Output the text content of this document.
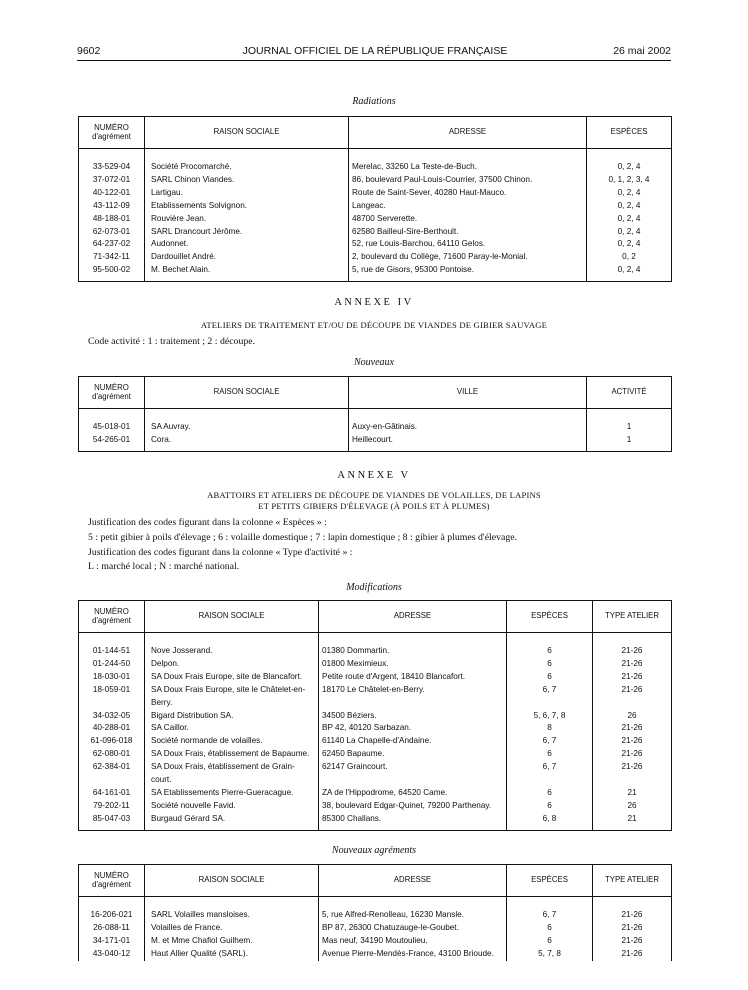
9602	JOURNAL OFFICIEL DE LA RÉPUBLIQUE FRANÇAISE	26 mai 2002
Radiations
NUMÉRO
d'agrément	RAISON SOCIALE	ADRESSE	ESPÈCES

33-529-04	Société Procomarché.	Merelac, 33260 La Teste-de-Buch.	0, 2, 4
37-072-01	SARL Chinon Viandes.	86, boulevard Paul-Louis-Courrier, 37500 Chinon.	0, 1, 2, 3, 4
40-122-01	Lartigau.	Route de Saint-Sever, 40280 Haut-Mauco.	0, 2, 4
43-112-09	Etablissements Solvignon.	Langeac.	0, 2, 4
48-188-01	Rouvière Jean.	48700 Serverette.	0, 2, 4
62-073-01	SARL Drancourt Jérôme.	62580 Bailleul-Sire-Berthoult.	0, 2, 4
64-237-02	Audonnet.	52, rue Louis-Barchou, 64110 Gelos.	0, 2, 4
71-342-11	Dardouillet André.	2, boulevard du Collège, 71600 Paray-le-Monial.	0, 2
95-500-02	M. Bechet Alain.	5, rue de Gisors, 95300 Pontoise.	0, 2, 4

ANNEXE IV
ATELIERS DE TRAITEMENT ET/OU DE DÉCOUPE DE VIANDES DE GIBIER SAUVAGE
Code activité : 1 : traitement ; 2 : découpe.
Nouveaux
NUMÉRO
d'agrément	RAISON SOCIALE	VILLE	ACTIVITÉ

45-018-01	SA Auvray.	Auxy-en-Gâtinais.	1
54-265-01	Cora.	Heillecourt.	1

ANNEXE V
ABATTOIRS ET ATELIERS DE DÉCOUPE DE VIANDES DE VOLAILLES, DE LAPINS
ET PETITS GIBIERS D'ÉLEVAGE (À POILS ET À PLUMES)
Justification des codes figurant dans la colonne « Espèces » :
5 : petit gibier à poils d'élevage ; 6 : volaille domestique ; 7 : lapin domestique ; 8 : gibier à plumes d'élevage.
Justification des codes figurant dans la colonne « Type d'activité » :
L : marché local ; N : marché national.
Modifications
NUMÉRO
d'agrément	RAISON SOCIALE	ADRESSE	ESPÈCES	TYPE ATELIER

01-144-51	Nove Josserand.	01380 Dommartin.	6	21-26
01-244-50	Delpon.	01800 Meximieux.	6	21-26
18-030-01	SA Doux Frais Europe, site de Blancafort.	Petite route d'Argent, 18410 Blancafort.	6	21-26
18-059-01	SA Doux Frais Europe, site le Châtelet-en-
Berry.	18170 Le Châtelet-en-Berry.	6, 7	21-26
34-032-05	Bigard Distribution SA.	34500 Béziers.	5, 6, 7, 8	26
40-288-01	SA Caillor.	BP 42, 40120 Sarbazan.	8	21-26
61-096-018	Société normande de volailles.	61140 La Chapelle-d'Andaine.	6, 7	21-26
62-080-01	SA Doux Frais, établissement de Bapaume.	62450 Bapaume.	6	21-26
62-384-01	SA Doux Frais, établissement de Grain-
court.	62147 Graincourt.	6, 7	21-26
64-161-01	SA Etablissements Pierre-Gueracague.	ZA de l'Hippodrome, 64520 Came.	6	21
79-202-11	Société nouvelle Favid.	38, boulevard Edgar-Quinet, 79200 Parthenay.	6	26
85-047-03	Burgaud Gérard SA.	85300 Challans.	6, 8	21

Nouveaux agréments
NUMÉRO
d'agrément	RAISON SOCIALE	ADRESSE	ESPÈCES	TYPE ATELIER

16-206-021	SARL Volailles mansloises.	5, rue Alfred-Renolleau, 16230 Mansle.	6, 7	21-26
26-088-11	Volailles de France.	BP 87, 26300 Chatuzauge-le-Goubet.	6	21-26
34-171-01	M. et Mme Chafiol Guilhem.	Mas neuf, 34190 Moutoulieu.	6	21-26
43-040-12	Haut Allier Qualité (SARL).	Avenue Pierre-Mendès-France, 43100 Brioude.	5, 7, 8	21-26
